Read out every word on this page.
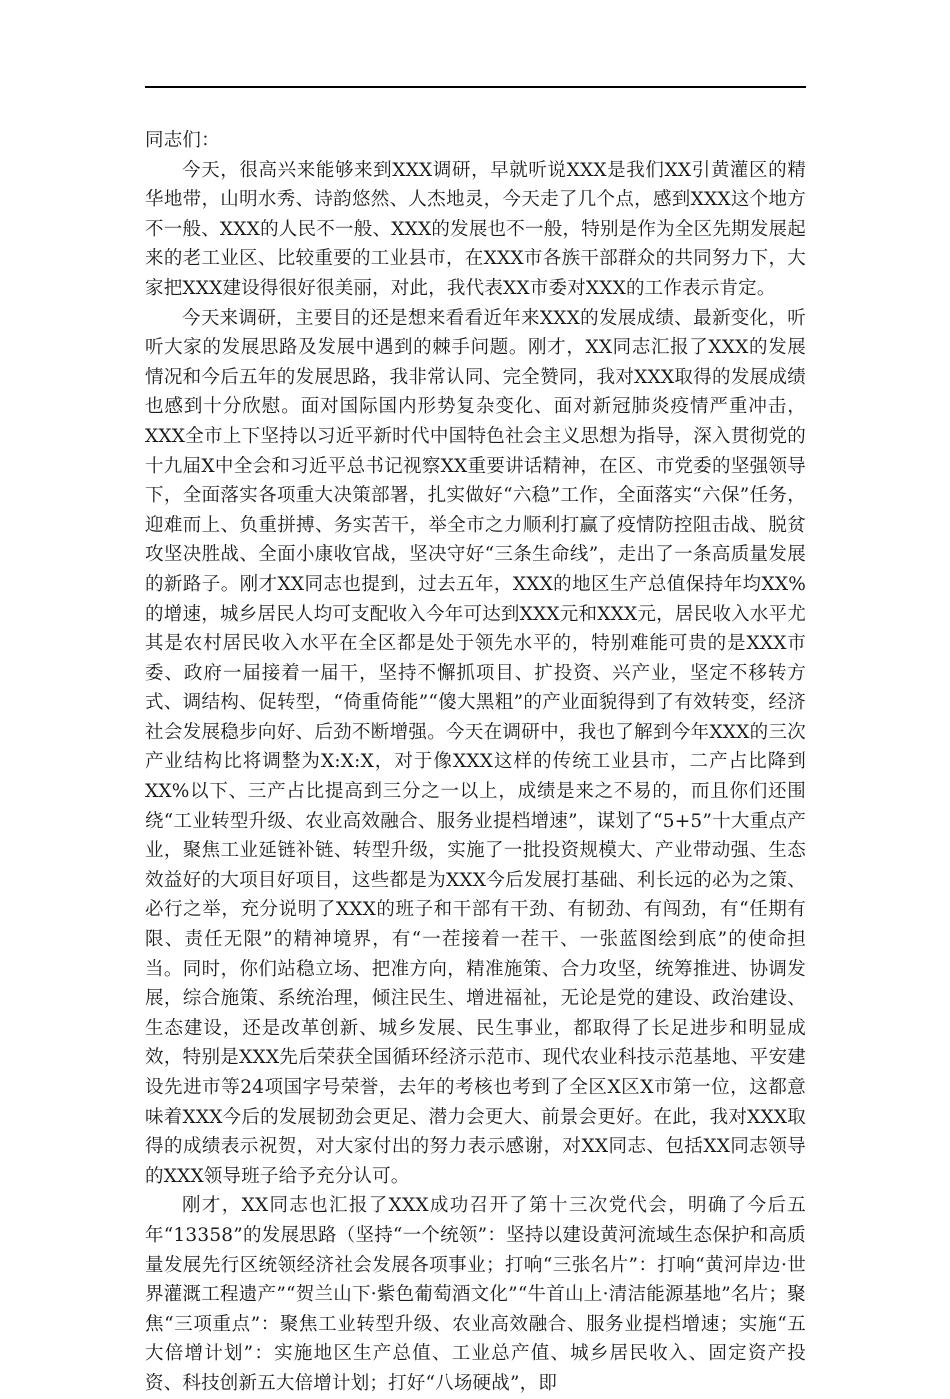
同志们：

今天，很高兴来能够来到XXX调研，早就听说XXX是我们XX引黄灌区的精华地带，山明水秀、诗韵悠然、人杰地灵，今天走了几个点，感到XXX这个地方不一般、XXX的人民不一般、XXX的发展也不一般，特别是作为全区先期发展起来的老工业区、比较重要的工业县市，在XXX市各族干部群众的共同努力下，大家把XXX建设得很好很美丽，对此，我代表XX市委对XXX的工作表示肯定。

今天来调研，主要目的还是想来看看近年来XXX的发展成绩、最新变化，听听大家的发展思路及发展中遇到的棘手问题。刚才，XX同志汇报了XXX的发展情况和今后五年的发展思路，我非常认同、完全赞同，我对XXX取得的发展成绩也感到十分欣慰。面对国际国内形势复杂变化、面对新冠肺炎疫情严重冲击，XXX全市上下坚持以习近平新时代中国特色社会主义思想为指导，深入贯彻党的十九届X中全会和习近平总书记视察XX重要讲话精神，在区、市党委的坚强领导下，全面落实各项重大决策部署，扎实做好“六稳”工作，全面落实“六保”任务，迎难而上、负重拼搏、务实苦干，举全市之力顺利打赢了疫情防控阻击战、脱贫攻坚决胜战、全面小康收官战，坚决守好“三条生命线”，走出了一条高质量发展的新路子。刚才XX同志也提到，过去五年，XXX的地区生产总值保持年均XX%的增速，城乡居民人均可支配收入今年可达到XXX元和XXX元，居民收入水平尤其是农村居民收入水平在全区都是处于领先水平的，特别难能可贵的是XXX市委、政府一届接着一届干，坚持不懈抓项目、扩投资、兴产业，坚定不移转方式、调结构、促转型，“倚重倚能”“傻大黑粗”的产业面貌得到了有效转变，经济社会发展稳步向好、后劲不断增强。今天在调研中，我也了解到今年XXX的三次产业结构比将调整为X:X:X，对于像XXX这样的传统工业县市，二产占比降到XX%以下、三产占比提高到三分之一以上，成绩是来之不易的，而且你们还围绕“工业转型升级、农业高效融合、服务业提档增速”，谋划了“5+5”十大重点产业，聚焦工业延链补链、转型升级，实施了一批投资规模大、产业带动强、生态效益好的大项目好项目，这些都是为XXX今后发展打基础、利长远的必为之策、必行之举，充分说明了XXX的班子和干部有干劲、有韧劲、有闯劲，有“任期有限、责任无限”的精神境界，有“一茬接着一茬干、一张蓝图绘到底”的使命担当。同时，你们站稳立场、把准方向，精准施策、合力攻坚，统筹推进、协调发展，综合施策、系统治理，倾注民生、增进福祉，无论是党的建设、政治建设、生态建设，还是改革创新、城乡发展、民生事业，都取得了长足进步和明显成效，特别是XXX先后荣获全国循环经济示范市、现代农业科技示范基地、平安建设先进市等24项国字号荣誉，去年的考核也考到了全区X区X市第一位，这都意味着XXX今后的发展韧劲会更足、潜力会更大、前景会更好。在此，我对XXX取得的成绩表示祝贺，对大家付出的努力表示感谢，对XX同志、包括XX同志领导的XXX领导班子给予充分认可。

刚才，XX同志也汇报了XXX成功召开了第十三次党代会，明确了今后五年“13358”的发展思路（坚持“一个统领”：坚持以建设黄河流域生态保护和高质量发展先行区统领经济社会发展各项事业；打响“三张名片”：打响“黄河岸边·世界灌溉工程遗产”“贺兰山下·紫色葡萄酒文化”“牛首山上·清洁能源基地”名片；聚焦“三项重点”：聚焦工业转型升级、农业高效融合、服务业提档增速；实施“五大倍增计划”：实施地区生产总值、工业总产值、城乡居民收入、固定资产投资、科技创新五大倍增计划；打好“八场硬战”，即
